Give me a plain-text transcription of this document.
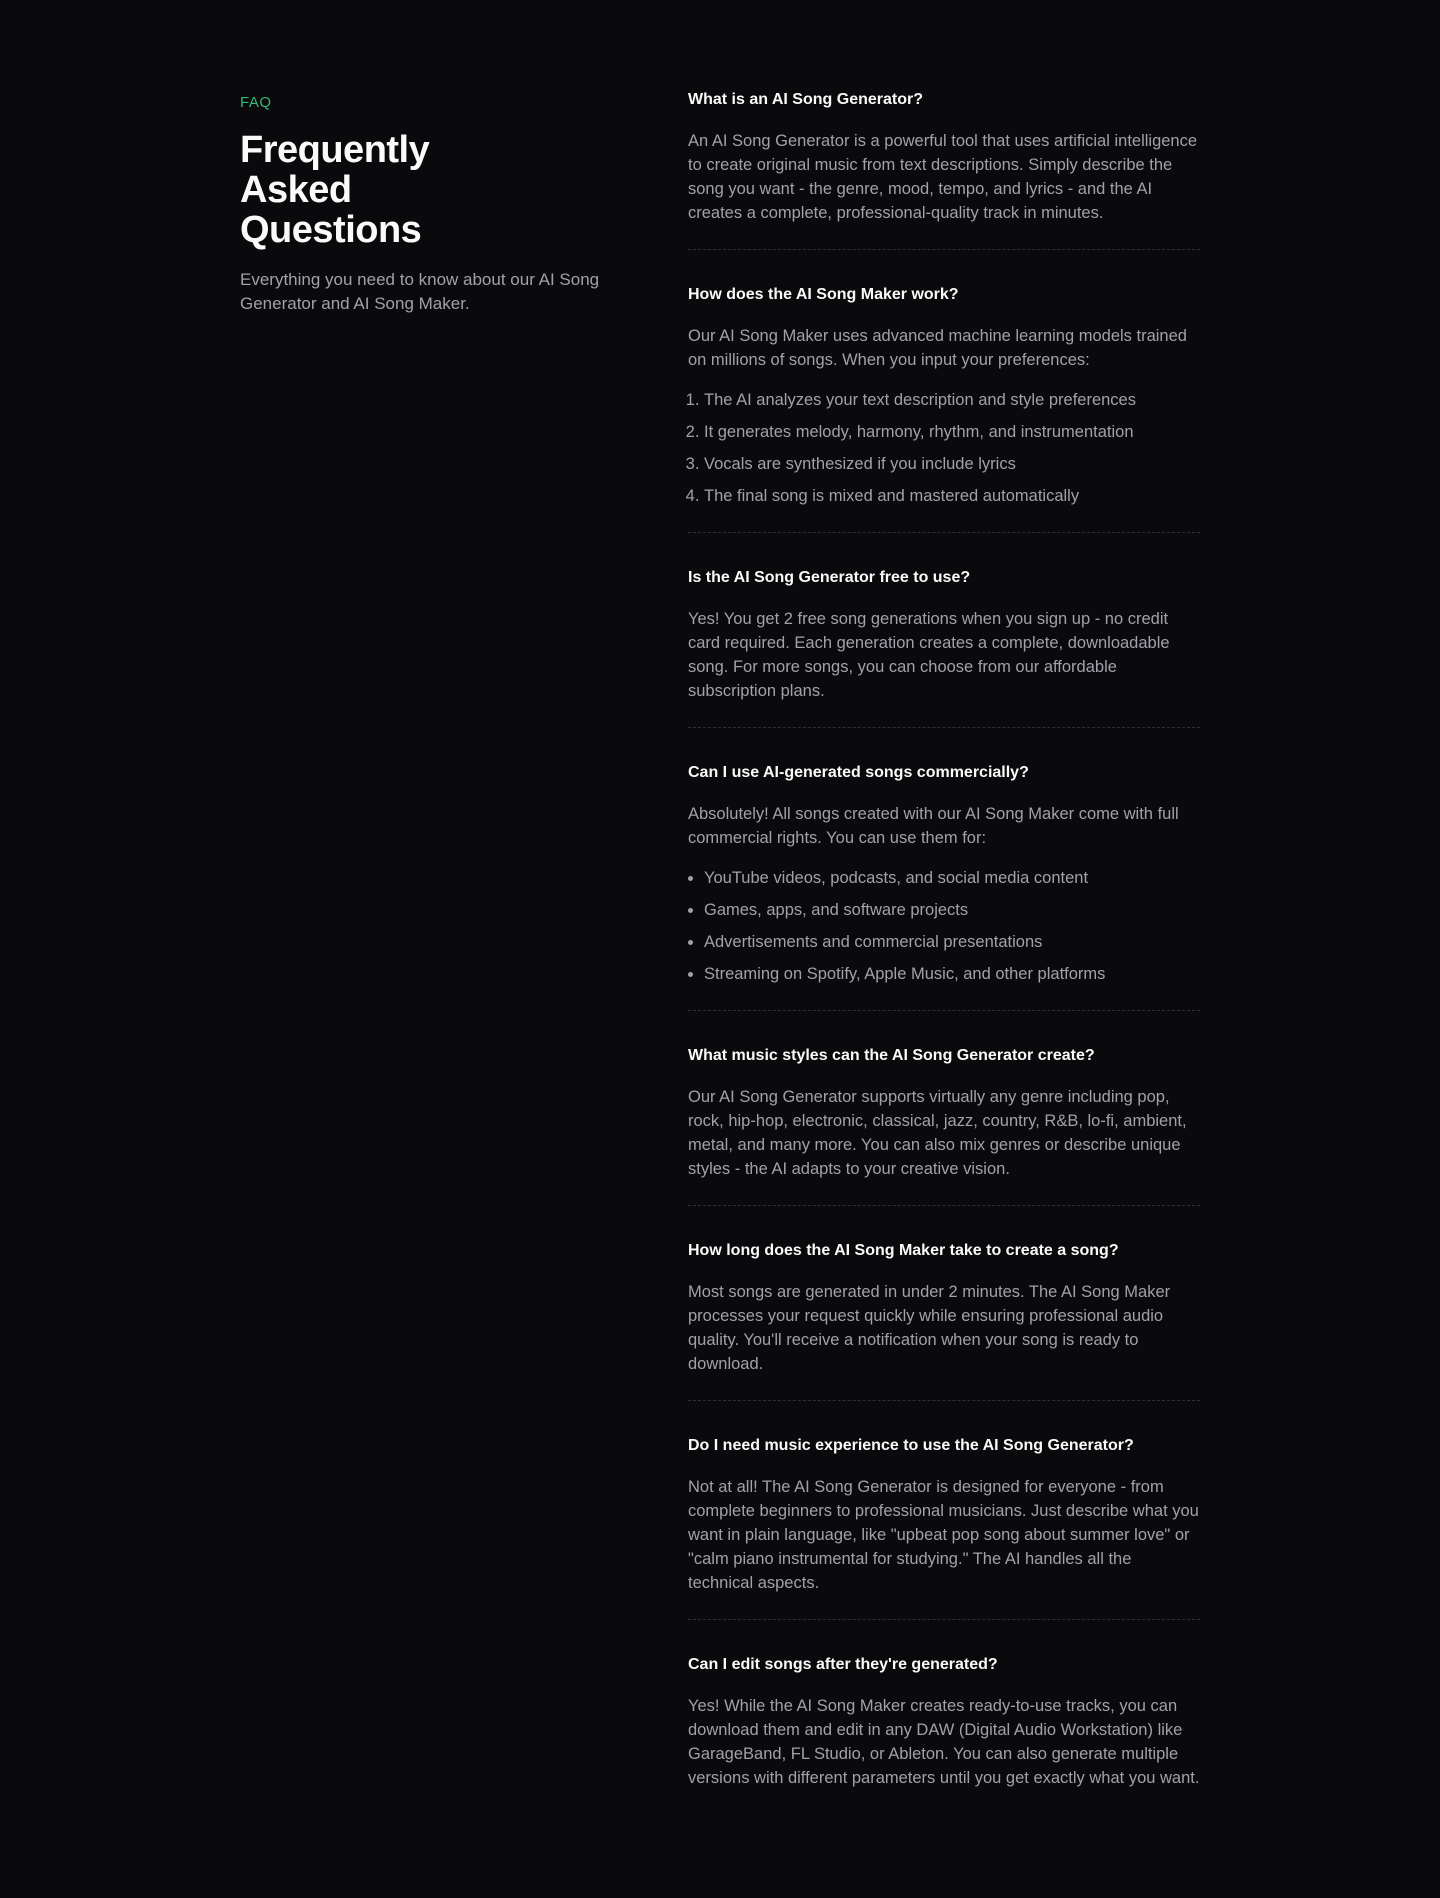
FAQ

Frequently Asked Questions

Everything you need to know about our AI Song Generator and AI Song Maker.

What is an AI Song Generator?

An AI Song Generator is a powerful tool that uses artificial intelligence to create original music from text descriptions. Simply describe the song you want - the genre, mood, tempo, and lyrics - and the AI creates a complete, professional-quality track in minutes.

How does the AI Song Maker work?

Our AI Song Maker uses advanced machine learning models trained on millions of songs. When you input your preferences:

1. The AI analyzes your text description and style preferences
2. It generates melody, harmony, rhythm, and instrumentation
3. Vocals are synthesized if you include lyrics
4. The final song is mixed and mastered automatically
Is the AI Song Generator free to use?

Yes! You get 2 free song generations when you sign up - no credit card required. Each generation creates a complete, downloadable song. For more songs, you can choose from our affordable subscription plans.

Can I use AI-generated songs commercially?

Absolutely! All songs created with our AI Song Maker come with full commercial rights. You can use them for:

• YouTube videos, podcasts, and social media content
• Games, apps, and software projects
• Advertisements and commercial presentations
• Streaming on Spotify, Apple Music, and other platforms
What music styles can the AI Song Generator create?

Our AI Song Generator supports virtually any genre including pop, rock, hip-hop, electronic, classical, jazz, country, R&B, lo-fi, ambient, metal, and many more. You can also mix genres or describe unique styles - the AI adapts to your creative vision.

How long does the AI Song Maker take to create a song?

Most songs are generated in under 2 minutes. The AI Song Maker processes your request quickly while ensuring professional audio quality. You'll receive a notification when your song is ready to download.

Do I need music experience to use the AI Song Generator?

Not at all! The AI Song Generator is designed for everyone - from complete beginners to professional musicians. Just describe what you want in plain language, like "upbeat pop song about summer love" or "calm piano instrumental for studying." The AI handles all the technical aspects.

Can I edit songs after they're generated?

Yes! While the AI Song Maker creates ready-to-use tracks, you can download them and edit in any DAW (Digital Audio Workstation) like GarageBand, FL Studio, or Ableton. You can also generate multiple versions with different parameters until you get exactly what you want.
